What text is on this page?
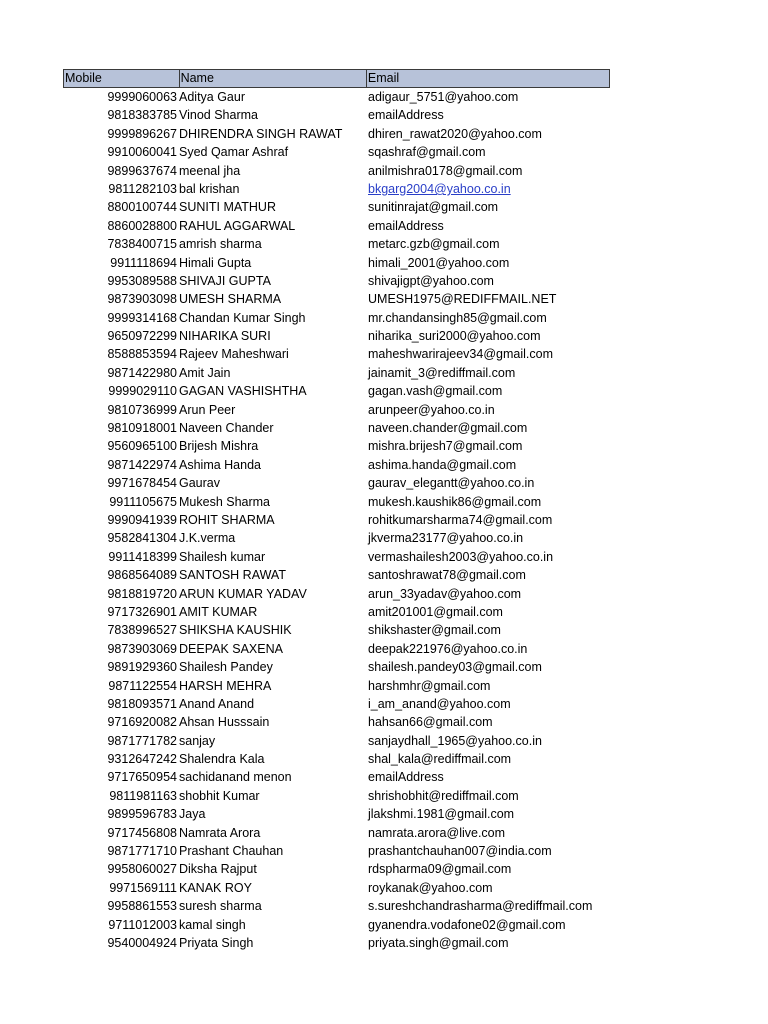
Mobile	Name	Email
9999060063 Aditya Gaur	adigaur_5751@yahoo.com
9818383785 Vinod Sharma	emailAddress
9999896267 DHIRENDRA SINGH RAWAT	dhiren_rawat2020@yahoo.com
9910060041 Syed Qamar Ashraf	sqashraf@gmail.com
9899637674 meenal jha	anilmishra0178@gmail.com
9811282103 bal krishan	bkgarg2004@yahoo.co.in
8800100744 SUNITI MATHUR	sunitinrajat@gmail.com
8860028800 RAHUL AGGARWAL	emailAddress
7838400715 amrish sharma	metarc.gzb@gmail.com
9911118694 Himali Gupta	himali_2001@yahoo.com
9953089588 SHIVAJI GUPTA	shivajigpt@yahoo.com
9873903098 UMESH SHARMA	UMESH1975@REDIFFMAIL.NET
9999314168 Chandan Kumar Singh	mr.chandansingh85@gmail.com
9650972299 NIHARIKA SURI	niharika_suri2000@yahoo.com
8588853594 Rajeev Maheshwari	maheshwarirajeev34@gmail.com
9871422980 Amit Jain	jainamit_3@rediffmail.com
9999029110 GAGAN VASHISHTHA	gagan.vash@gmail.com
9810736999 Arun Peer	arunpeer@yahoo.co.in
9810918001 Naveen Chander	naveen.chander@gmail.com
9560965100 Brijesh Mishra	mishra.brijesh7@gmail.com
9871422974 Ashima Handa	ashima.handa@gmail.com
9971678454 Gaurav	gaurav_elegantt@yahoo.co.in
9911105675 Mukesh Sharma	mukesh.kaushik86@gmail.com
9990941939 ROHIT SHARMA	rohitkumarsharma74@gmail.com
9582841304 J.K.verma	jkverma23177@yahoo.co.in
9911418399 Shailesh kumar	vermashailesh2003@yahoo.co.in
9868564089 SANTOSH RAWAT	santoshrawat78@gmail.com
9818819720 ARUN KUMAR YADAV	arun_33yadav@yahoo.com
9717326901 AMIT KUMAR	amit201001@gmail.com
7838996527 SHIKSHA KAUSHIK	shikshaster@gmail.com
9873903069 DEEPAK SAXENA	deepak221976@yahoo.co.in
9891929360 Shailesh Pandey	shailesh.pandey03@gmail.com
9871122554 HARSH MEHRA	harshmhr@gmail.com
9818093571 Anand Anand	i_am_anand@yahoo.com
9716920082 Ahsan Husssain	hahsan66@gmail.com
9871771782 sanjay	sanjaydhall_1965@yahoo.co.in
9312647242 Shalendra Kala	shal_kala@rediffmail.com
9717650954 sachidanand menon	emailAddress
9811981163 shobhit Kumar	shrishobhit@rediffmail.com
9899596783 Jaya	jlakshmi.1981@gmail.com
9717456808 Namrata Arora	namrata.arora@live.com
9871771710 Prashant Chauhan	prashantchauhan007@india.com
9958060027 Diksha Rajput	rdspharma09@gmail.com
9971569111 KANAK ROY	roykanak@yahoo.com
9958861553 suresh sharma	s.sureshchandrasharma@rediffmail.com
9711012003 kamal singh	gyanendra.vodafone02@gmail.com
9540004924 Priyata Singh	priyata.singh@gmail.com
